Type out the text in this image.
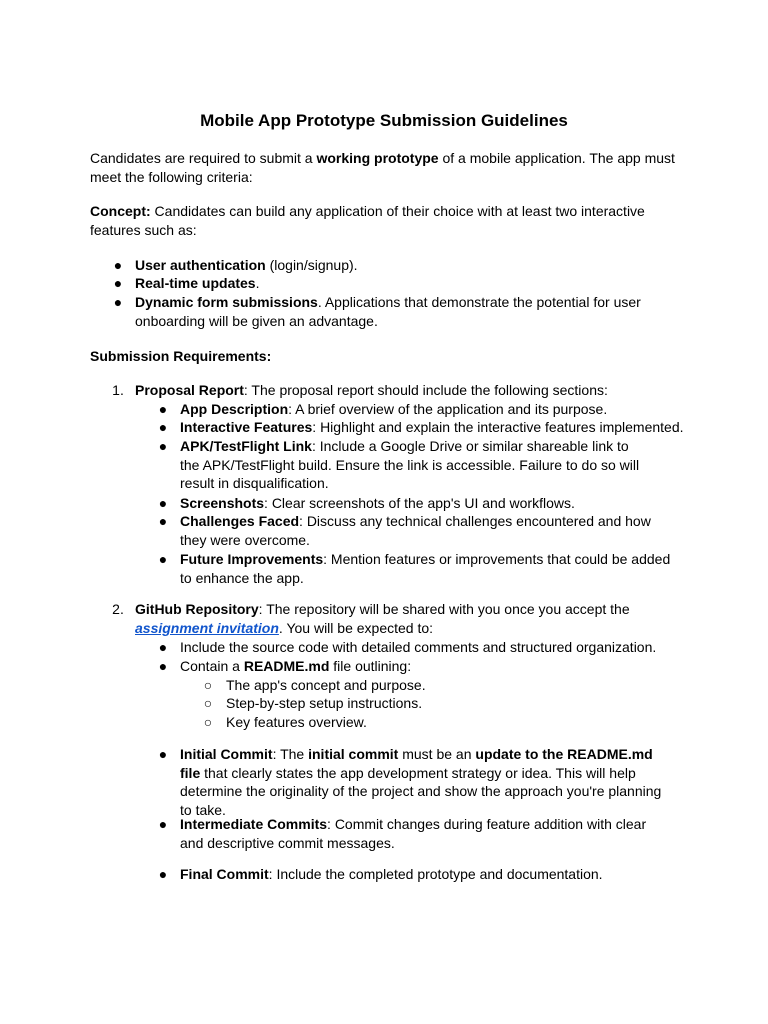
Mobile App Prototype Submission Guidelines

Candidates are required to submit a working prototype of a mobile application. The app must meet the following criteria:

Concept: Candidates can build any application of their choice with at least two interactive features such as:

● User authentication (login/signup).
● Real-time updates.
● Dynamic form submissions. Applications that demonstrate the potential for user onboarding will be given an advantage.

Submission Requirements:

1. Proposal Report: The proposal report should include the following sections:
● App Description: A brief overview of the application and its purpose.
● Interactive Features: Highlight and explain the interactive features implemented.
● APK/TestFlight Link: Include a Google Drive or similar shareable link to the APK/TestFlight build. Ensure the link is accessible. Failure to do so will result in disqualification.
● Screenshots: Clear screenshots of the app's UI and workflows.
● Challenges Faced: Discuss any technical challenges encountered and how they were overcome.
● Future Improvements: Mention features or improvements that could be added to enhance the app.
2. GitHub Repository: The repository will be shared with you once you accept the assignment invitation. You will be expected to:
● Include the source code with detailed comments and structured organization.
● Contain a README.md file outlining:
○ The app's concept and purpose.
○ Step-by-step setup instructions.
○ Key features overview.
● Initial Commit: The initial commit must be an update to the README.md file that clearly states the app development strategy or idea. This will help determine the originality of the project and show the approach you're planning to take.
● Intermediate Commits: Commit changes during feature addition with clear and descriptive commit messages.
● Final Commit: Include the completed prototype and documentation.
